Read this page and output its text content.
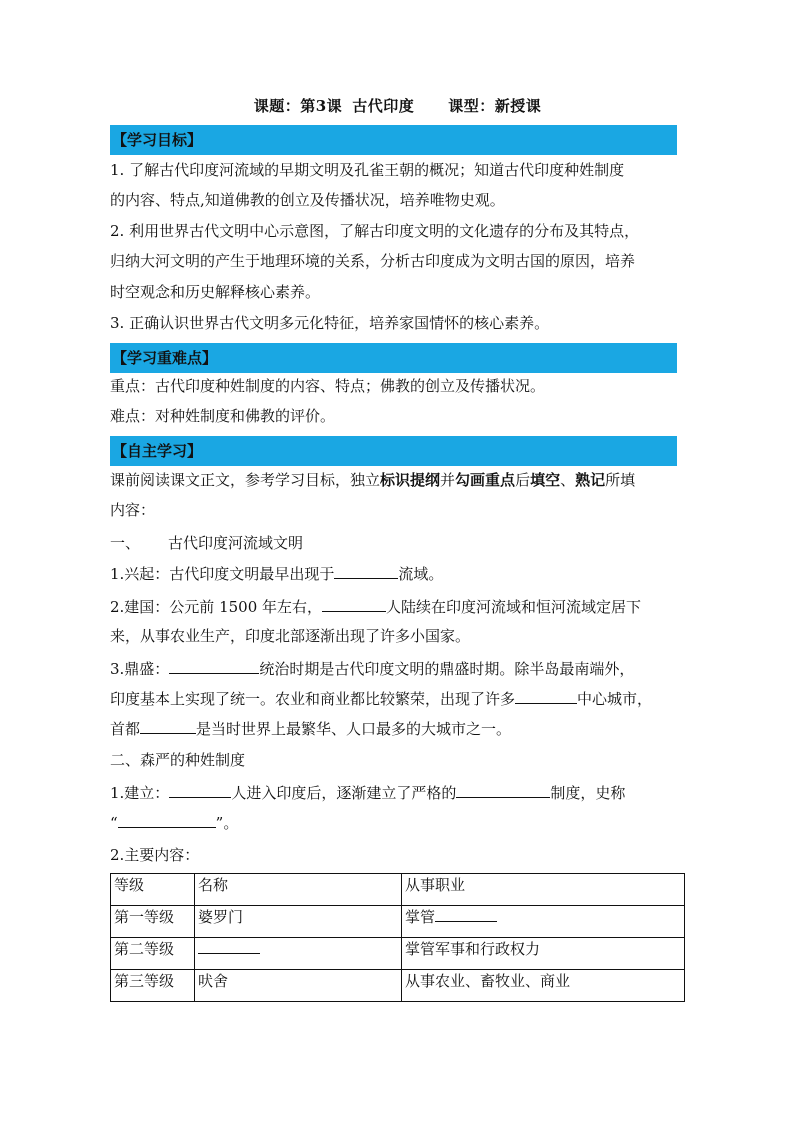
课题：第3课 古代印度 课型：新授课
【学习目标】
1. 了解古代印度河流域的早期文明及孔雀王朝的概况；知道古代印度种姓制度
的内容、特点,知道佛教的创立及传播状况，培养唯物史观。
2. 利用世界古代文明中心示意图，了解古印度文明的文化遗存的分布及其特点，
归纳大河文明的产生于地理环境的关系，分析古印度成为文明古国的原因，培养
时空观念和历史解释核心素养。
3. 正确认识世界古代文明多元化特征，培养家国情怀的核心素养。
【学习重难点】
重点：古代印度种姓制度的内容、特点；佛教的创立及传播状况。
难点：对种姓制度和佛教的评价。
【自主学习】
课前阅读课文正文，参考学习目标，独立标识提纲并勾画重点后填空、熟记所填
内容：
一、 古代印度河流域文明
1.兴起：古代印度文明最早出现于	流域。
2.建国：公元前 1500 年左右，	人陆续在印度河流域和恒河流域定居下
来，从事农业生产，印度北部逐渐出现了许多小国家。
3.鼎盛：	统治时期是古代印度文明的鼎盛时期。除半岛最南端外，
印度基本上实现了统一。农业和商业都比较繁荣，出现了许多	中心城市，
首都	是当时世界上最繁华、人口最多的大城市之一。
二、森严的种姓制度
1.建立：	人进入印度后，逐渐建立了严格的	制度，史称
“	”。
2.主要内容：
等级	名称	从事职业
第一等级	婆罗门	掌管
第二等级		掌管军事和行政权力
第三等级	吠舍	从事农业、畜牧业、商业
